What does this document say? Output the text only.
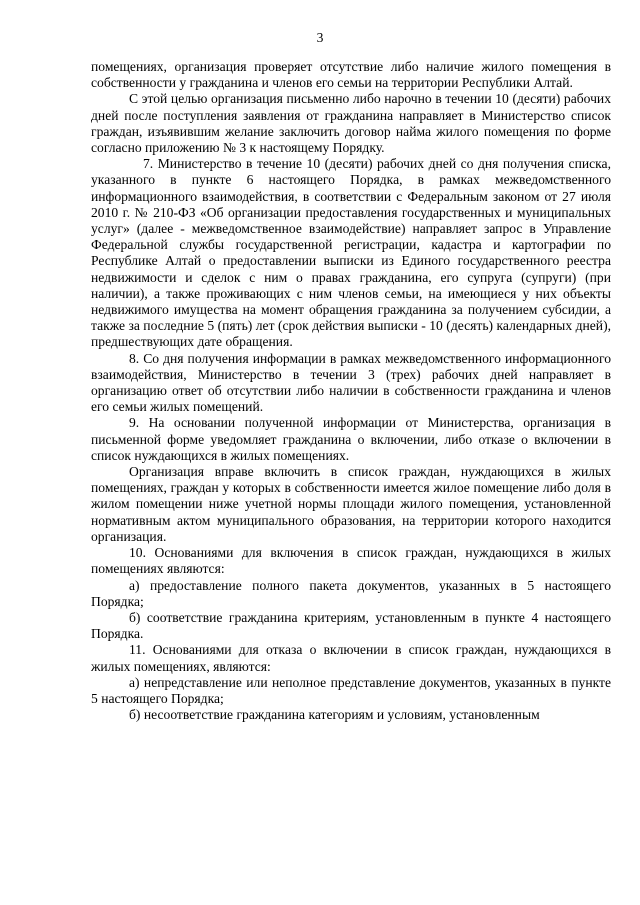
3

помещениях, организация проверяет отсутствие либо наличие жилого помещения в собственности у гражданина и членов его семьи на территории Республики Алтай.

С этой целью организация письменно либо нарочно в течении 10 (десяти) рабочих дней после поступления заявления от гражданина направляет в Министерство список граждан, изъявившим желание заключить договор найма жилого помещения по форме согласно приложению № 3 к настоящему Порядку.

7. Министерство в течение 10 (десяти) рабочих дней со дня получения списка, указанного в пункте 6 настоящего Порядка, в рамках межведомственного информационного взаимодействия, в соответствии с Федеральным законом от 27 июля 2010 г. № 210-ФЗ «Об организации предоставления государственных и муниципальных услуг» (далее - межведомственное взаимодействие) направляет запрос в Управление Федеральной службы государственной регистрации, кадастра и картографии по Республике Алтай о предоставлении выписки из Единого государственного реестра недвижимости и сделок с ним о правах гражданина, его супруга (супруги) (при наличии), а также проживающих с ним членов семьи, на имеющиеся у них объекты недвижимого имущества на момент обращения гражданина за получением субсидии, а также за последние 5 (пять) лет (срок действия выписки - 10 (десять) календарных дней), предшествующих дате обращения.

8. Со дня получения информации в рамках межведомственного информационного взаимодействия, Министерство в течении 3 (трех) рабочих дней направляет в организацию ответ об отсутствии либо наличии в собственности гражданина и членов его семьи жилых помещений.

9. На основании полученной информации от Министерства, организация в письменной форме уведомляет гражданина о включении, либо отказе о включении в список нуждающихся в жилых помещениях.

Организация вправе включить в список граждан, нуждающихся в жилых помещениях, граждан у которых в собственности имеется жилое помещение либо доля в жилом помещении ниже учетной нормы площади жилого помещения, установленной нормативным актом муниципального образования, на территории которого находится организация.

10. Основаниями для включения в список граждан, нуждающихся в жилых помещениях являются:

а) предоставление полного пакета документов, указанных в 5 настоящего Порядка;

б) соответствие гражданина критериям, установленным в пункте 4 настоящего Порядка.

11. Основаниями для отказа о включении в список граждан, нуждающихся в жилых помещениях, являются:

а) непредставление или неполное представление документов, указанных в пункте 5 настоящего Порядка;

б) несоответствие гражданина категориям и условиям, установленным
